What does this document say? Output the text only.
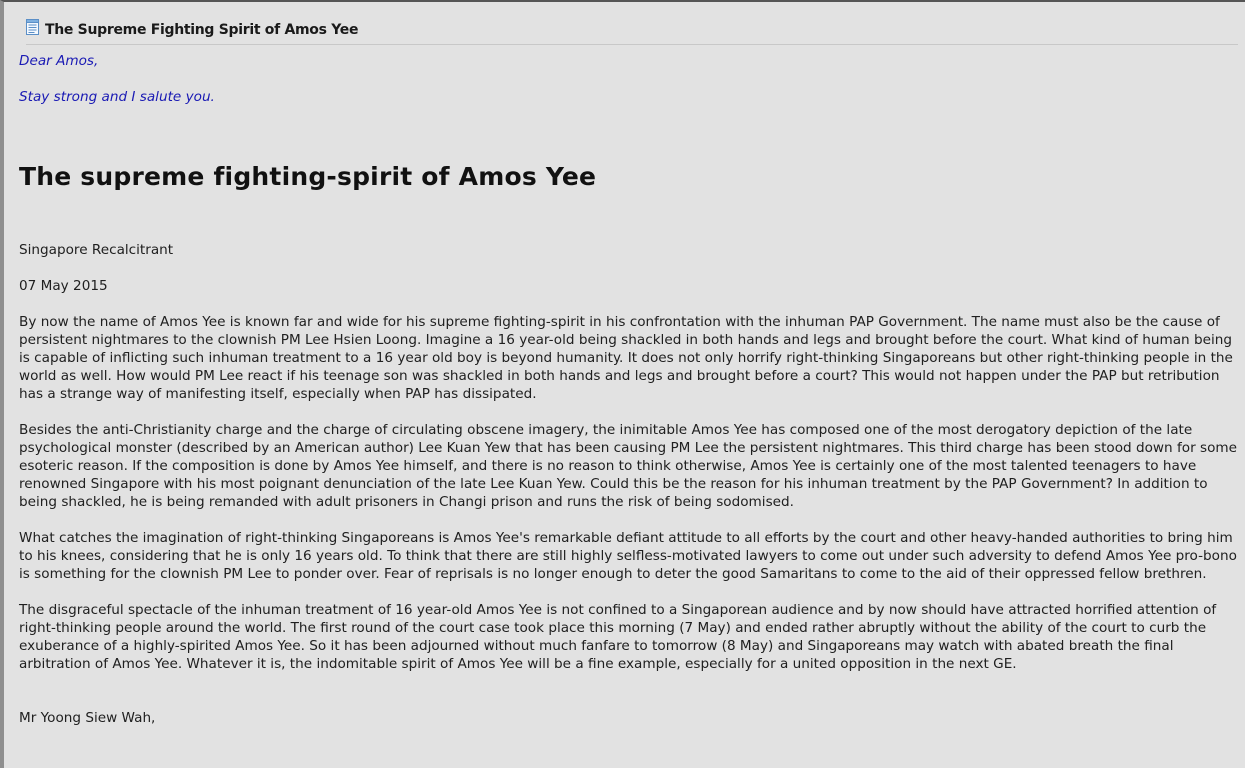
The Supreme Fighting Spirit of Amos Yee

Dear Amos,

Stay strong and I salute you.

The supreme fighting-spirit of Amos Yee

Singapore Recalcitrant

07 May 2015

By now the name of Amos Yee is known far and wide for his supreme fighting-spirit in his confrontation with the inhuman PAP Government. The name must also be the cause of persistent nightmares to the clownish PM Lee Hsien Loong. Imagine a 16 year-old being shackled in both hands and legs and brought before the court. What kind of human being is capable of inflicting such inhuman treatment to a 16 year old boy is beyond humanity. It does not only horrify right-thinking Singaporeans but other right-thinking people in the world as well. How would PM Lee react if his teenage son was shackled in both hands and legs and brought before a court? This would not happen under the PAP but retribution has a strange way of manifesting itself, especially when PAP has dissipated.

Besides the anti-Christianity charge and the charge of circulating obscene imagery, the inimitable Amos Yee has composed one of the most derogatory depiction of the late psychological monster (described by an American author) Lee Kuan Yew that has been causing PM Lee the persistent nightmares. This third charge has been stood down for some esoteric reason. If the composition is done by Amos Yee himself, and there is no reason to think otherwise, Amos Yee is certainly one of the most talented teenagers to have renowned Singapore with his most poignant denunciation of the late Lee Kuan Yew. Could this be the reason for his inhuman treatment by the PAP Government? In addition to being shackled, he is being remanded with adult prisoners in Changi prison and runs the risk of being sodomised.

What catches the imagination of right-thinking Singaporeans is Amos Yee's remarkable defiant attitude to all efforts by the court and other heavy-handed authorities to bring him to his knees, considering that he is only 16 years old. To think that there are still highly selfless-motivated lawyers to come out under such adversity to defend Amos Yee pro-bono is something for the clownish PM Lee to ponder over. Fear of reprisals is no longer enough to deter the good Samaritans to come to the aid of their oppressed fellow brethren.

The disgraceful spectacle of the inhuman treatment of 16 year-old Amos Yee is not confined to a Singaporean audience and by now should have attracted horrified attention of right-thinking people around the world. The first round of the court case took place this morning (7 May) and ended rather abruptly without the ability of the court to curb the exuberance of a highly-spirited Amos Yee. So it has been adjourned without much fanfare to tomorrow (8 May) and Singaporeans may watch with abated breath the final arbitration of Amos Yee. Whatever it is, the indomitable spirit of Amos Yee will be a fine example, especially for a united opposition in the next GE.

Mr Yoong Siew Wah,
